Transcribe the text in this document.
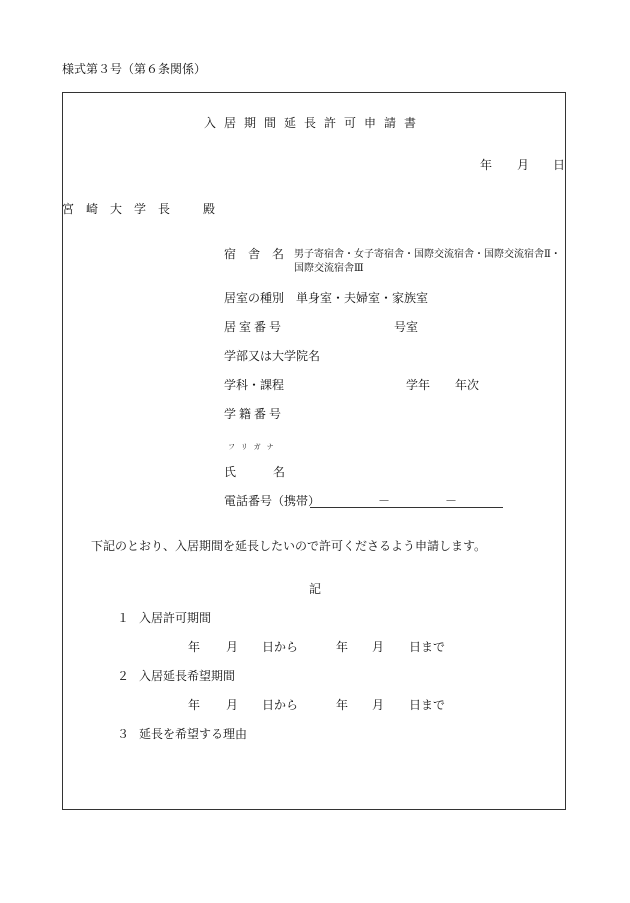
様式第３号（第６条関係）
入居期間延長許可申請書
年 月 日
宮崎大学長 殿
宿舎名
男子寄宿舎・女子寄宿舎・国際交流宿舎・国際交流宿舎Ⅱ・
国際交流宿舎Ⅲ
居室の種別 単身室・夫婦室・家族室
居室番号	号室
学部又は大学院名
学科・課程	学年 年次
学籍番号
フリガナ
氏	名
電話番号（携帯）	－	－
下記のとおり、入居期間を延長したいので許可くださるよう申請します。
記
１ 入居許可期間
年 月 日から	年 月 日まで
２ 入居延長希望期間
年 月 日から	年 月 日まで
３ 延長を希望する理由
